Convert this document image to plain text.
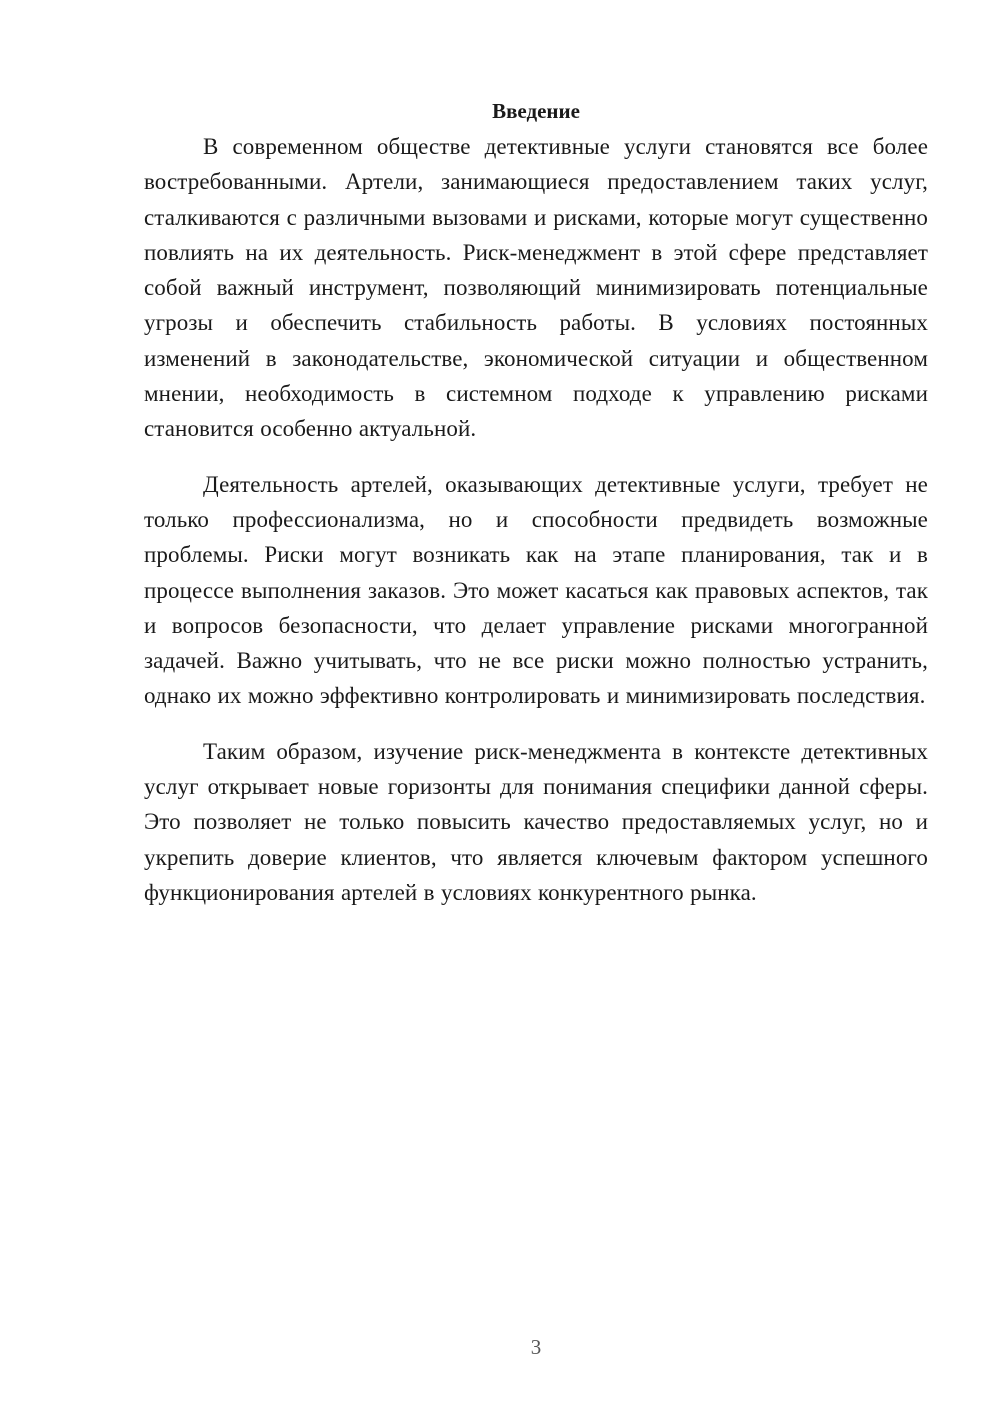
Введение

В современном обществе детективные услуги становятся все более востребованными. Артели, занимающиеся предоставлением таких услуг, сталкиваются с различными вызовами и рисками, которые могут существенно повлиять на их деятельность. Риск-менеджмент в этой сфере представляет собой важный инструмент, позволяющий минимизировать потенциальные угрозы и обеспечить стабильность работы. В условиях постоянных изменений в законодательстве, экономической ситуации и общественном мнении, необходимость в системном подходе к управлению рисками становится особенно актуальной.

Деятельность артелей, оказывающих детективные услуги, требует не только профессионализма, но и способности предвидеть возможные проблемы. Риски могут возникать как на этапе планирования, так и в процессе выполнения заказов. Это может касаться как правовых аспектов, так и вопросов безопасности, что делает управление рисками многогранной задачей. Важно учитывать, что не все риски можно полностью устранить, однако их можно эффективно контролировать и минимизировать последствия.

Таким образом, изучение риск-менеджмента в контексте детективных услуг открывает новые горизонты для понимания специфики данной сферы. Это позволяет не только повысить качество предоставляемых услуг, но и укрепить доверие клиентов, что является ключевым фактором успешного функционирования артелей в условиях конкурентного рынка.

3
